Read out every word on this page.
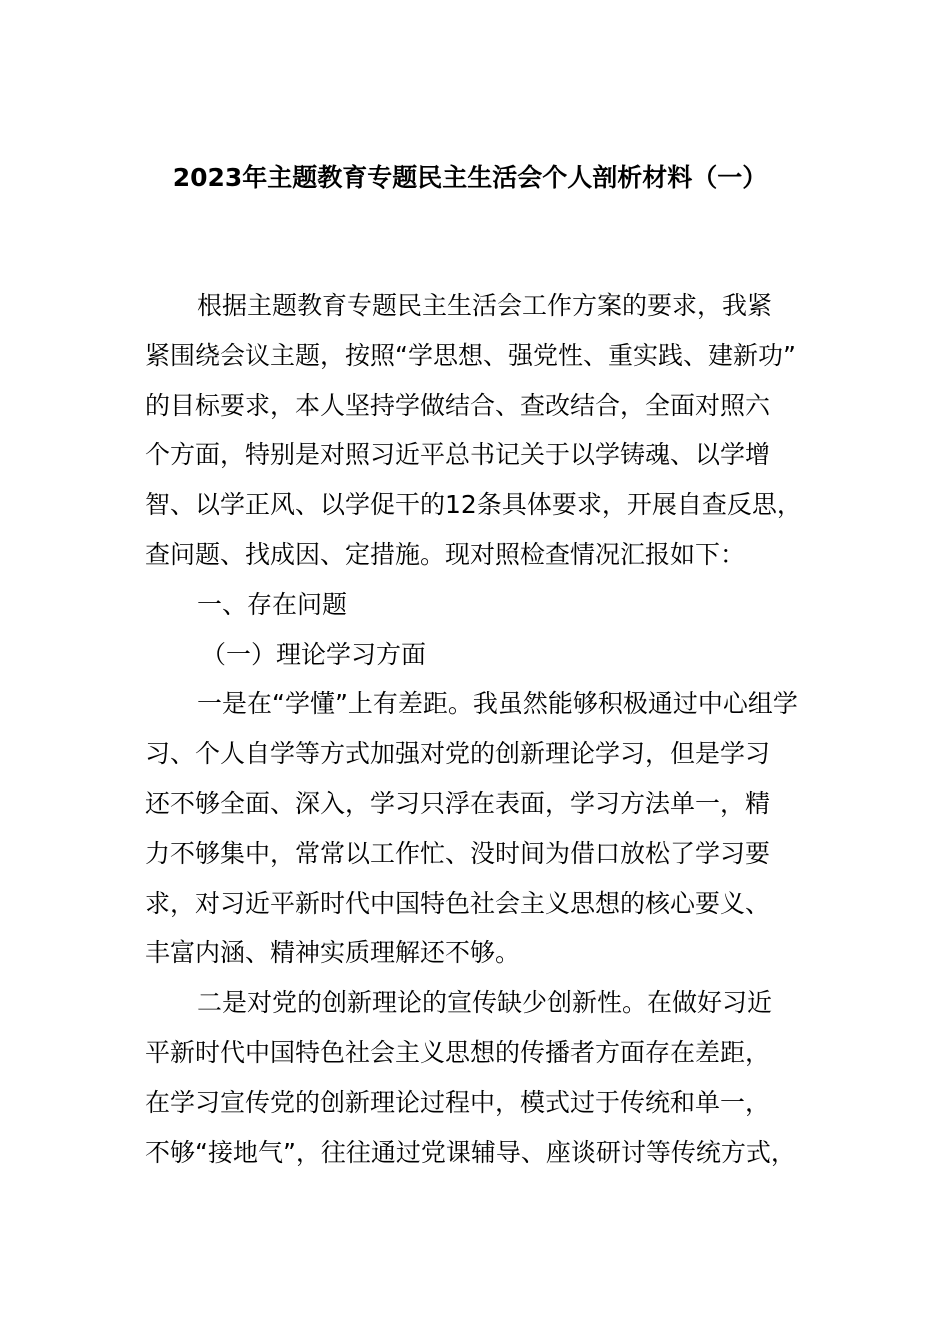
2023年主题教育专题民主生活会个人剖析材料（一）
根据主题教育专题民主生活会工作方案的要求，我紧
紧围绕会议主题，按照“学思想、强党性、重实践、建新功”
的目标要求，本人坚持学做结合、查改结合，全面对照六
个方面，特别是对照习近平总书记关于以学铸魂、以学增
智、以学正风、以学促干的12条具体要求，开展自查反思，
查问题、找成因、定措施。现对照检查情况汇报如下：
一、存在问题
（一）理论学习方面
一是在“学懂”上有差距。我虽然能够积极通过中心组学
习、个人自学等方式加强对党的创新理论学习，但是学习
还不够全面、深入，学习只浮在表面，学习方法单一，精
力不够集中，常常以工作忙、没时间为借口放松了学习要
求，对习近平新时代中国特色社会主义思想的核心要义、
丰富内涵、精神实质理解还不够。
二是对党的创新理论的宣传缺少创新性。在做好习近
平新时代中国特色社会主义思想的传播者方面存在差距，
在学习宣传党的创新理论过程中，模式过于传统和单一，
不够“接地气”，往往通过党课辅导、座谈研讨等传统方式，
